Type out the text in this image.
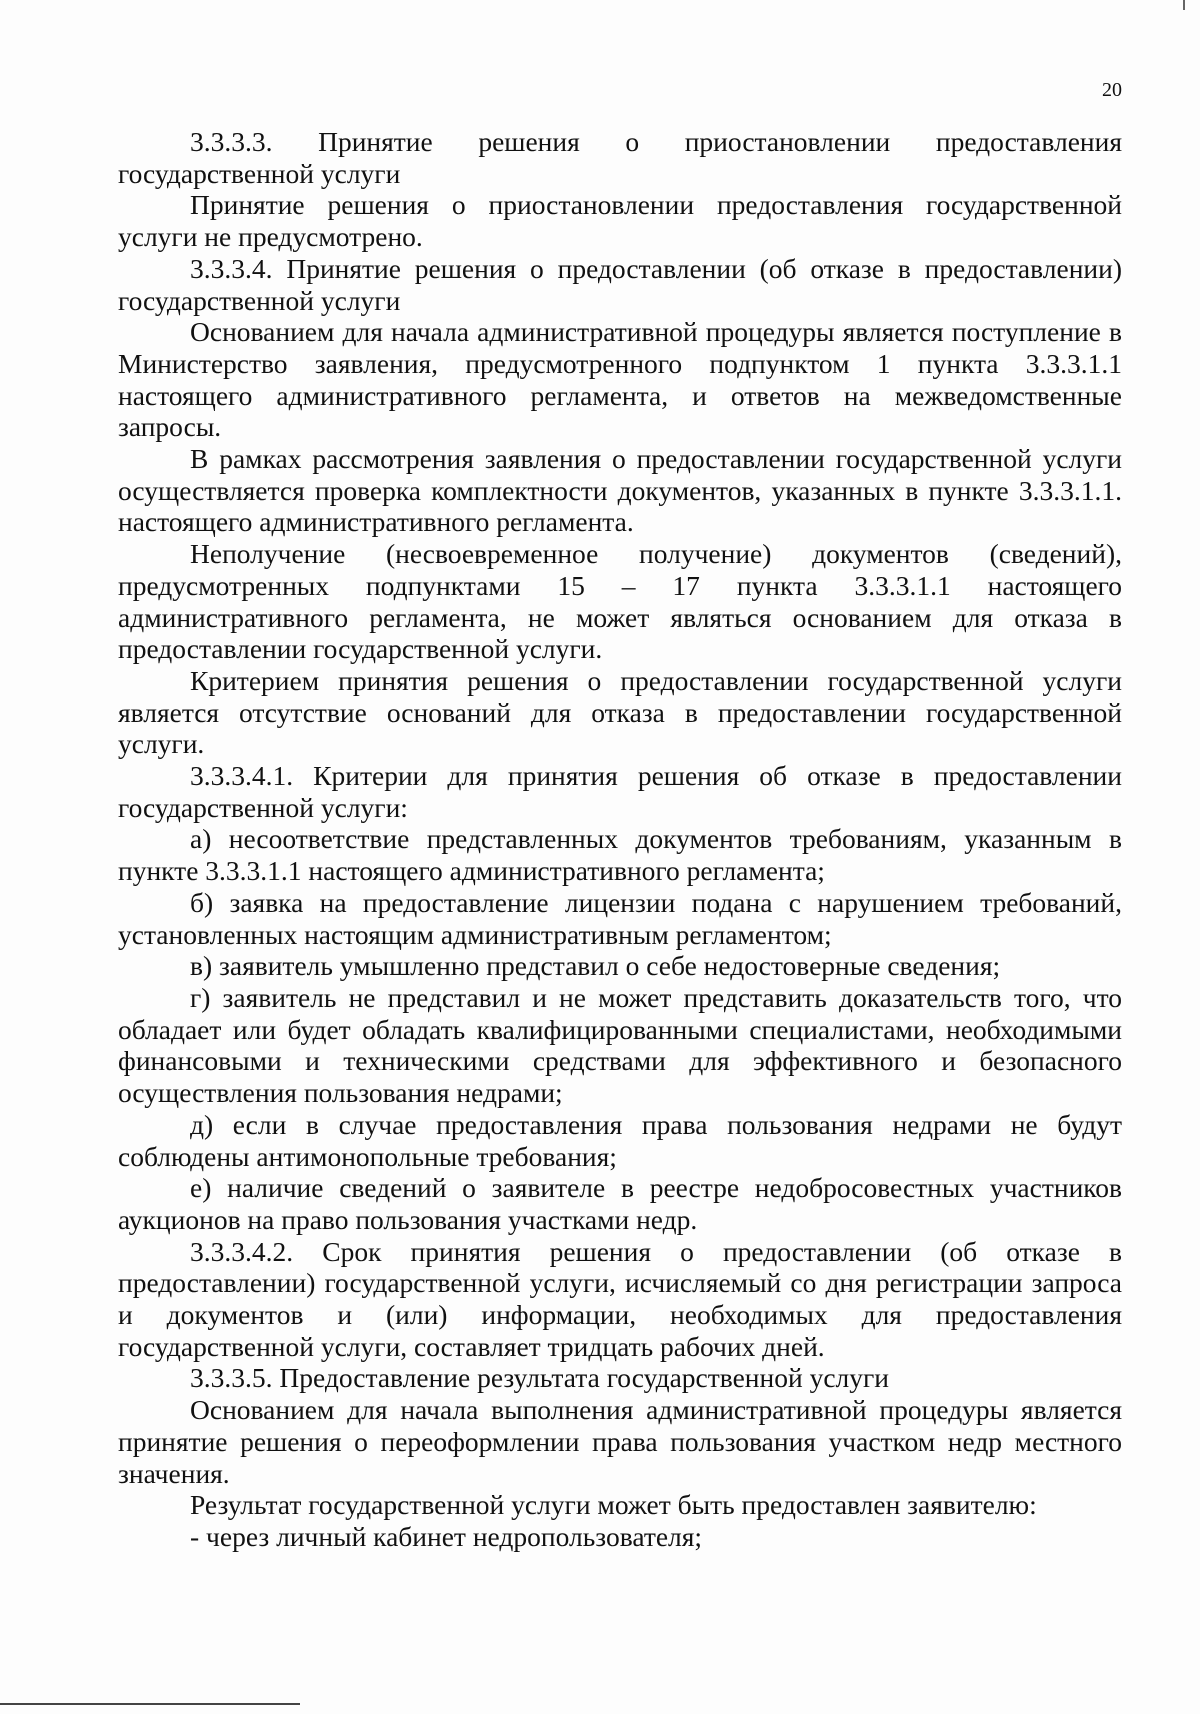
20

3.3.3.3. Принятие решения о приостановлении предоставления государственной услуги

Принятие решения о приостановлении предоставления государственной услуги не предусмотрено.

3.3.3.4. Принятие решения о предоставлении (об отказе в предоставлении) государственной услуги

Основанием для начала административной процедуры является поступление в Министерство заявления, предусмотренного подпунктом 1 пункта 3.3.3.1.1 настоящего административного регламента, и ответов на межведомственные запросы.

В рамках рассмотрения заявления о предоставлении государственной услуги осуществляется проверка комплектности документов, указанных в пункте 3.3.3.1.1. настоящего административного регламента.

Неполучение (несвоевременное получение) документов (сведений), предусмотренных подпунктами 15 – 17 пункта 3.3.3.1.1 настоящего административного регламента, не может являться основанием для отказа в предоставлении государственной услуги.

Критерием принятия решения о предоставлении государственной услуги является отсутствие оснований для отказа в предоставлении государственной услуги.

3.3.3.4.1. Критерии для принятия решения об отказе в предоставлении государственной услуги:

а) несоответствие представленных документов требованиям, указанным в пункте 3.3.3.1.1 настоящего административного регламента;

б) заявка на предоставление лицензии подана с нарушением требований, установленных настоящим административным регламентом;

в) заявитель умышленно представил о себе недостоверные сведения;

г) заявитель не представил и не может представить доказательств того, что обладает или будет обладать квалифицированными специалистами, необходимыми финансовыми и техническими средствами для эффективного и безопасного осуществления пользования недрами;

д) если в случае предоставления права пользования недрами не будут соблюдены антимонопольные требования;

е) наличие сведений о заявителе в реестре недобросовестных участников аукционов на право пользования участками недр.

3.3.3.4.2. Срок принятия решения о предоставлении (об отказе в предоставлении) государственной услуги, исчисляемый со дня регистрации запроса и документов и (или) информации, необходимых для предоставления государственной услуги, составляет тридцать рабочих дней.

3.3.3.5. Предоставление результата государственной услуги

Основанием для начала выполнения административной процедуры является принятие решения о переоформлении права пользования участком недр местного значения.

Результат государственной услуги может быть предоставлен заявителю:

- через личный кабинет недропользователя;
